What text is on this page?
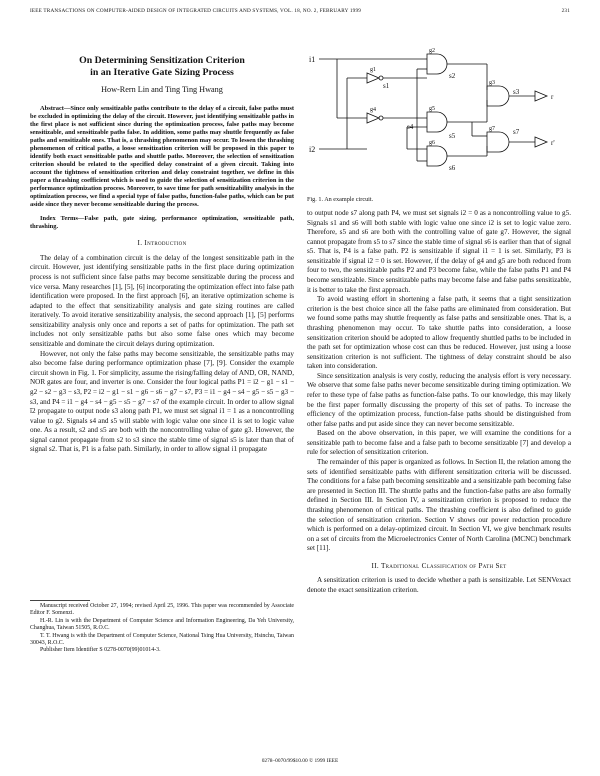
IEEE TRANSACTIONS ON COMPUTER-AIDED DESIGN OF INTEGRATED CIRCUITS AND SYSTEMS, VOL. 18, NO. 2, FEBRUARY 1999	231
On Determining Sensitization Criterion
in an Iterative Gate Sizing Process
How-Rern Lin and Ting Ting Hwang

Abstract—Since only sensitizable paths contribute to the delay of a circuit, false paths must be excluded in optimizing the delay of the circuit. However, just identifying sensitizable paths in the first place is not sufficient since during the optimization process, false paths may become sensitizable, and sensitizable paths false. In addition, some paths may shuttle frequently as false paths and sensitizable ones. That is, a thrashing phenomenon may occur. To lessen the thrashing phenomenon of critical paths, a loose sensitization criterion will be proposed in this paper to identify both exact sensitizable paths and shuttle paths. Moreover, the selection of sensitization criterion should be related to the specified delay constraint of a given circuit. Taking into account the tightness of sensitization criterion and delay constraint together, we define in this paper a thrashing coefficient which is used to guide the selection of sensitization criterion in the performance optimization process. Moreover, to save time for path sensitizability analysis in the optimization process, we find a special type of false paths, function-false paths, which can be put aside since they never become sensitizable during the process.

Index Terms—False path, gate sizing, performance optimization, sensitizable path, thrashing.

I. Introduction

The delay of a combination circuit is the delay of the longest sensitizable path in the circuit. However, just identifying sensitizable paths in the first place during optimization process is not sufficient since false paths may become sensitizable during the process and vice versa. Many researches [1], [5], [6] incorporating the optimization effect into false path identification were proposed. In the first approach [6], an iterative optimization scheme is adapted to the effect that sensitizability analysis and gate sizing routines are called iteratively. To avoid iterative sensitizability analysis, the second approach [1], [5] performs sensitizability analysis only once and reports a set of paths for optimization. The path set includes not only sensitizable paths but also some false ones which may become sensitizable and dominate the circuit delays during optimization.

However, not only the false paths may become sensitizable, the sensitizable paths may also become false during performance optimization phase [7], [9]. Consider the example circuit shown in Fig. 1. For simplicity, assume the rising/falling delay of AND, OR, NAND, NOR gates are four, and inverter is one. Consider the four logical paths P1 = i2 − g1 − s1 − g2 − s2 − g3 − s3, P2 = i2 − g1 − s1 − g6 − s6 − g7 − s7, P3 = i1 − g4 − s4 − g5 − s5 − g3 − s3, and P4 = i1 − g4 − s4 − g5 − s5 − g7 − s7 of the example circuit. In order to allow signal ī2 propagate to output node s3 along path P1, we must set signal i1 = 1 as a noncontrolling value to g2. Signals s4 and s5 will stable with logic value one since i1 is set to logic value one. As a result, s2 and s5 are both with the noncontrolling value of gate g3. However, the signal cannot propagate from s2 to s3 since the stable time of signal s5 is later than that of signal s2. That is, P1 is a false path. Similarly, in order to allow signal i1 propagate

Manuscript received October 27, 1994; revised April 25, 1996. This paper was recommended by Associate Editor F. Somenzi.

H.-R. Lin is with the Department of Computer Science and Information Engineering, Da Yeh University, Changhua, Taiwan 51505, R.O.C.

T. T. Hwang is with the Department of Computer Science, National Tsing Hua University, Hsinchu, Taiwan 30043, R.O.C.

Publisher Item Identifier S 0278-0070(99)01014-3.

i1
i2
s1
s2
s4
s5
s3
r
s6
s7
r'
g1
g2
g3
g4	g5
g6
g7
Fig. 1. An example circuit.

to output node s7 along path P4, we must set signals i2 = 0 as a noncontrolling value to g5. Signals s1 and s6 will both stable with logic value one since i2 is set to logic value zero. Therefore, s5 and s6 are both with the controlling value of gate g7. However, the signal cannot propagate from s5 to s7 since the stable time of signal s6 is earlier than that of signal s5. That is, P4 is a false path. P2 is sensitizable if signal i1 = 1 is set. Similarly, P3 is sensitizable if signal i2 = 0 is set. However, if the delay of g4 and g5 are both reduced from four to two, the sensitizable paths P2 and P3 become false, while the false paths P1 and P4 become sensitizable. Since sensitizable paths may become false and false paths sensitizable, it is better to take the first approach.

To avoid wasting effort in shortening a false path, it seems that a tight sensitization criterion is the best choice since all the false paths are eliminated from consideration. But we found some paths may shuttle frequently as false paths and sensitizable ones. That is, a thrashing phenomenon may occur. To take shuttle paths into consideration, a loose sensitization criterion should be adopted to allow frequently shuttled paths to be included in the path set for optimization whose cost can thus be reduced. However, just using a loose sensitization criterion is not sufficient. The tightness of delay constraint should be also taken into consideration.

Since sensitization analysis is very costly, reducing the analysis effort is very necessary. We observe that some false paths never become sensitizable during timing optimization. We refer to these type of false paths as function-false paths. To our knowledge, this may likely be the first paper formally discussing the property of this set of paths. To increase the efficiency of the optimization process, function-false paths should be distinguished from other false paths and put aside since they can never become sensitizable.

Based on the above observation, in this paper, we will examine the conditions for a sensitizable path to become false and a false path to become sensitizable [7] and develop a rule for selection of sensitization criterion.

The remainder of this paper is organized as follows. In Section II, the relation among the sets of identified sensitizable paths with different sensitization criteria will be discussed. The conditions for a false path becoming sensitizable and a sensitizable path becoming false are presented in Section III. The shuttle paths and the function-false paths are also formally defined in Section III. In Section IV, a sensitization criterion is proposed to reduce the thrashing phenomenon of critical paths. The thrashing coefficient is also defined to guide the selection of sensitization criterion. Section V shows our power reduction procedure which is performed on a delay-optimized circuit. In Section VI, we give benchmark results on a set of circuits from the Microelectronics Center of North Carolina (MCNC) benchmark set [11].

II. Traditional Classification of Path Set

A sensitization criterion is used to decide whether a path is sensitizable. Let SENVexact denote the exact sensitization criterion.

0278–0070/99$10.00 © 1999 IEEE
